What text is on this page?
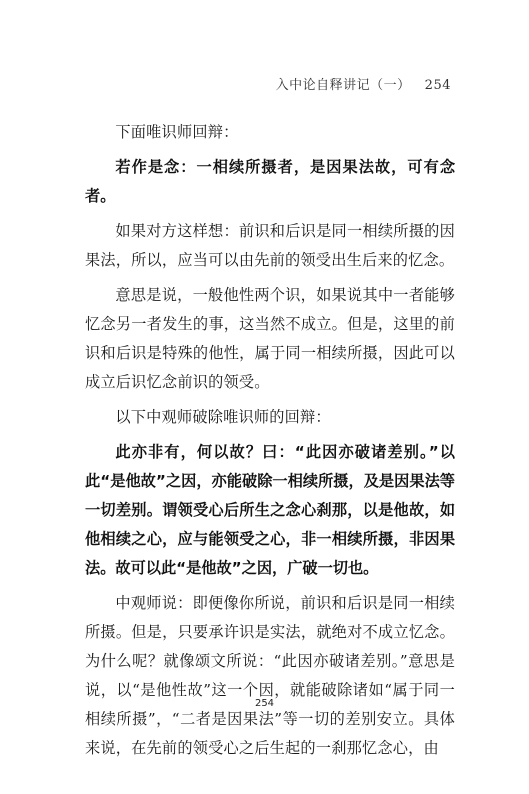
入中论自释讲记（一） 254

下面唯识师回辩：

若作是念：一相续所摄者，是因果法故，可有念者。

如果对方这样想：前识和后识是同一相续所摄的因果法，所以，应当可以由先前的领受出生后来的忆念。

意思是说，一般他性两个识，如果说其中一者能够忆念另一者发生的事，这当然不成立。但是，这里的前识和后识是特殊的他性，属于同一相续所摄，因此可以成立后识忆念前识的领受。

以下中观师破除唯识师的回辩：

此亦非有，何以故？曰：“此因亦破诸差别。”以此“是他故”之因，亦能破除一相续所摄，及是因果法等一切差别。谓领受心后所生之念心刹那，以是他故，如他相续之心，应与能领受之心，非一相续所摄，非因果法。故可以此“是他故”之因，广破一切也。

中观师说：即便像你所说，前识和后识是同一相续所摄。但是，只要承许识是实法，就绝对不成立忆念。为什么呢？就像颂文所说：“此因亦破诸差别。”意思是说，以“是他性故”这一个因，就能破除诸如“属于同一相续所摄”，“二者是因果法”等一切的差别安立。具体来说，在先前的领受心之后生起的一刹那忆念心，由

254
